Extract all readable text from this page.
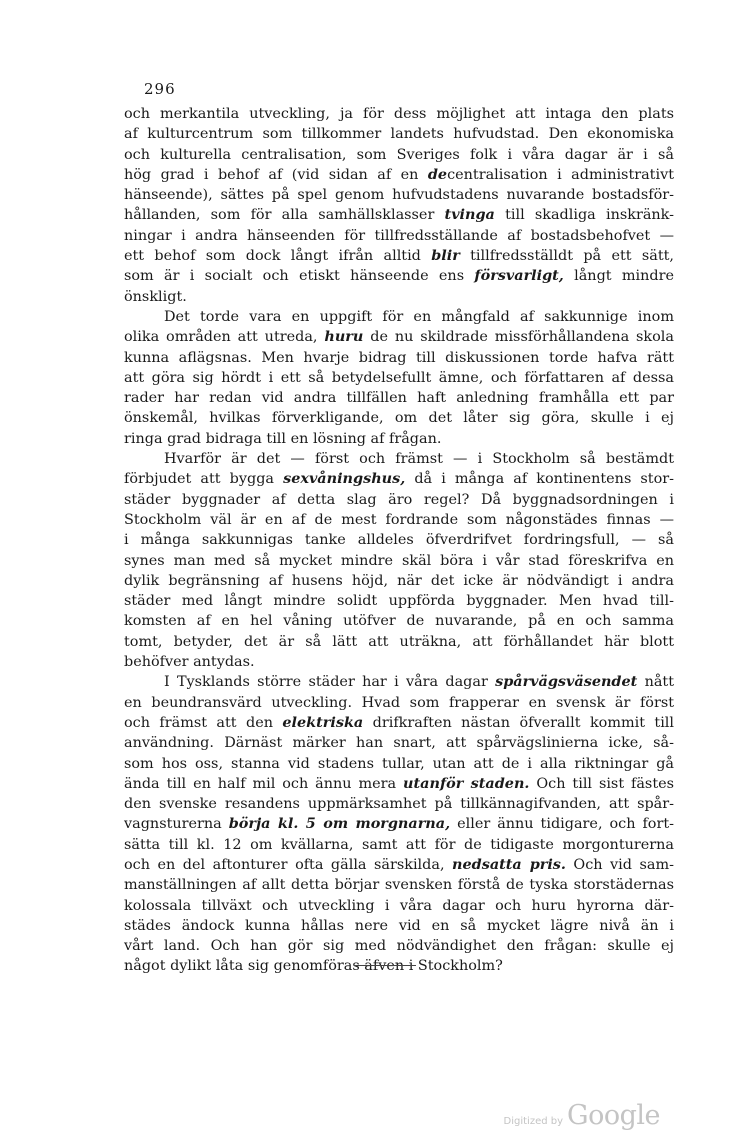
296
och merkantila utveckling, ja för dess möjlighet att intaga den plats
af kulturcentrum som tillkommer landets hufvudstad. Den ekonomiska
och kulturella centralisation, som Sveriges folk i våra dagar är i så
hög grad i behof af (vid sidan af en decentralisation i administrativt
hänseende), sättes på spel genom hufvudstadens nuvarande bostadsför-
hållanden, som för alla samhällsklasser tvinga till skadliga inskränk-
ningar i andra hänseenden för tillfredsställande af bostadsbehofvet —
ett behof som dock långt ifrån alltid blir tillfredsställdt på ett sätt,
som är i socialt och etiskt hänseende ens försvarligt, långt mindre
önskligt.
Det torde vara en uppgift för en mångfald af sakkunnige inom
olika områden att utreda, huru de nu skildrade missförhållandena skola
kunna aflägsnas. Men hvarje bidrag till diskussionen torde hafva rätt
att göra sig hördt i ett så betydelsefullt ämne, och författaren af dessa
rader har redan vid andra tillfällen haft anledning framhålla ett par
önskemål, hvilkas förverkligande, om det låter sig göra, skulle i ej
ringa grad bidraga till en lösning af frågan.
Hvarför är det — först och främst — i Stockholm så bestämdt
förbjudet att bygga sexvåningshus, då i många af kontinentens stor-
städer byggnader af detta slag äro regel? Då byggnadsordningen i
Stockholm väl är en af de mest fordrande som någonstädes finnas —
i många sakkunnigas tanke alldeles öfverdrifvet fordringsfull, — så
synes man med så mycket mindre skäl böra i vår stad föreskrifva en
dylik begränsning af husens höjd, när det icke är nödvändigt i andra
städer med långt mindre solidt uppförda byggnader. Men hvad till-
komsten af en hel våning utöfver de nuvarande, på en och samma
tomt, betyder, det är så lätt att uträkna, att förhållandet här blott
behöfver antydas.
I Tysklands större städer har i våra dagar spårvägsväsendet nått
en beundransvärd utveckling. Hvad som frapperar en svensk är först
och främst att den elektriska drifkraften nästan öfverallt kommit till
användning. Därnäst märker han snart, att spårvägslinierna icke, så-
som hos oss, stanna vid stadens tullar, utan att de i alla riktningar gå
ända till en half mil och ännu mera utanför staden. Och till sist fästes
den svenske resandens uppmärksamhet på tillkännagifvanden, att spår-
vagnsturerna börja kl. 5 om morgnarna, eller ännu tidigare, och fort-
sätta till kl. 12 om kvällarna, samt att för de tidigaste morgonturerna
och en del aftonturer ofta gälla särskilda, nedsatta pris. Och vid sam-
manställningen af allt detta börjar svensken förstå de tyska storstädernas
kolossala tillväxt och utveckling i våra dagar och huru hyrorna där-
städes ändock kunna hållas nere vid en så mycket lägre nivå än i
vårt land. Och han gör sig med nödvändighet den frågan: skulle ej
något dylikt låta sig genomföras äfven i Stockholm?
Digitized by Google
